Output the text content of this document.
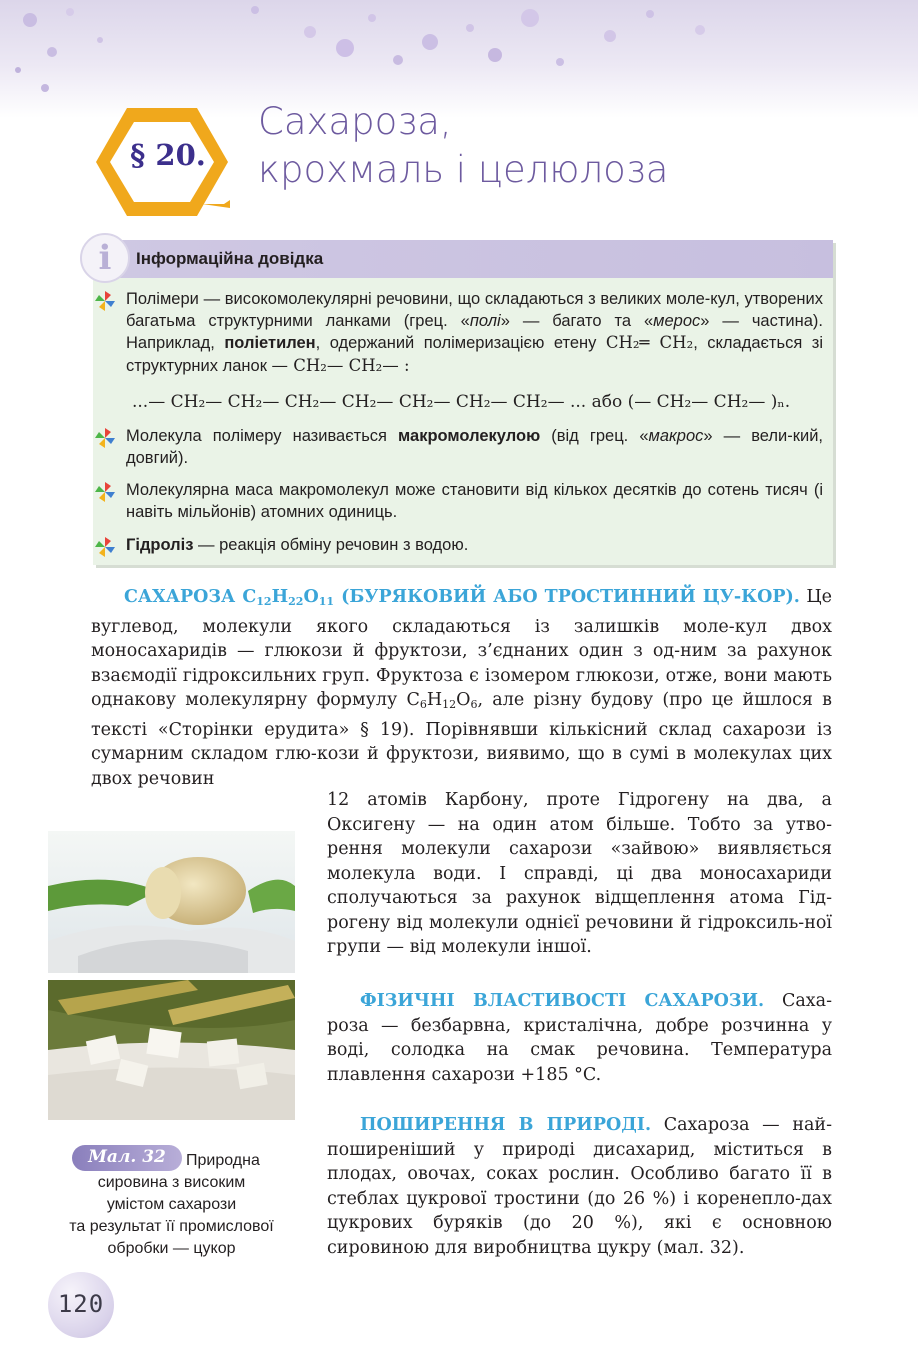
§ 20.
Сахароза,
крохмаль і целюлоза
Інформаційна довідка
i
Полімери — високомолекулярні речовини, що складаються з великих моле-кул, утворених багатьма структурними ланками (грец. «полі» — багато та «мерос» — частина). Наприклад, поліетилен, одержаний полімеризацією етену CH₂═ CH₂, складається зі структурних ланок — CH₂— CH₂— :
...— CH₂— CH₂— CH₂— CH₂— CH₂— CH₂— CH₂— ... або (— CH₂— CH₂— )ₙ.
Молекула полімеру називається макромолекулою (від грец. «макрос» — вели-кий, довгий).
Молекулярна маса макромолекул може становити від кількох десятків до сотень тисяч (і навіть мільйонів) атомних одиниць.
Гідроліз — реакція обміну речовин з водою.
САХАРОЗА $C_{12}H_{22}O_{11}$ (БУРЯКОВИЙ АБО ТРОСТИННИЙ ЦУ-КОР). Це вуглевод, молекули якого складаються із залишків моле-кул двох моносахаридів — глюкози й фруктози, з’єднаних один з од-ним за рахунок взаємодії гідроксильних груп. Фруктоза є ізомером глюкози, отже, вони мають однакову молекулярну формулу $C_6H_{12}O_6$, але різну будову (про це йшлося в тексті «Сторінки ерудита» § 19). Порівнявши кількісний склад сахарози із сумарним складом глю-кози й фруктози, виявимо, що в сумі в молекулах цих двох речовин
12 атомів Карбону, проте Гідрогену на два, а Оксигену — на один атом більше. Тобто за утво-рення молекули сахарози «зайвою» виявляється молекула води. І справді, ці два моносахариди сполучаються за рахунок відщеплення атома Гід-рогену від молекули однієї речовини й гідроксиль-ної групи — від молекули іншої.
Мал. 32	Природна
сировина з високим
умістом сахарози
та результат її промислової
обробки — цукор
ФІЗИЧНІ ВЛАСТИВОСТІ САХАРОЗИ. Саха-роза — безбарвна, кристалічна, добре розчинна у воді, солодка на смак речовина. Температура плавлення сахарози +185 °C.
ПОШИРЕННЯ В ПРИРОДІ. Сахароза — най-поширеніший у природі дисахарид, міститься в плодах, овочах, соках рослин. Особливо багато її в стеблах цукрової тростини (до 26 %) і коренепло-дах цукрових буряків (до 20 %), які є основною сировиною для виробництва цукру (мал. 32).
120
